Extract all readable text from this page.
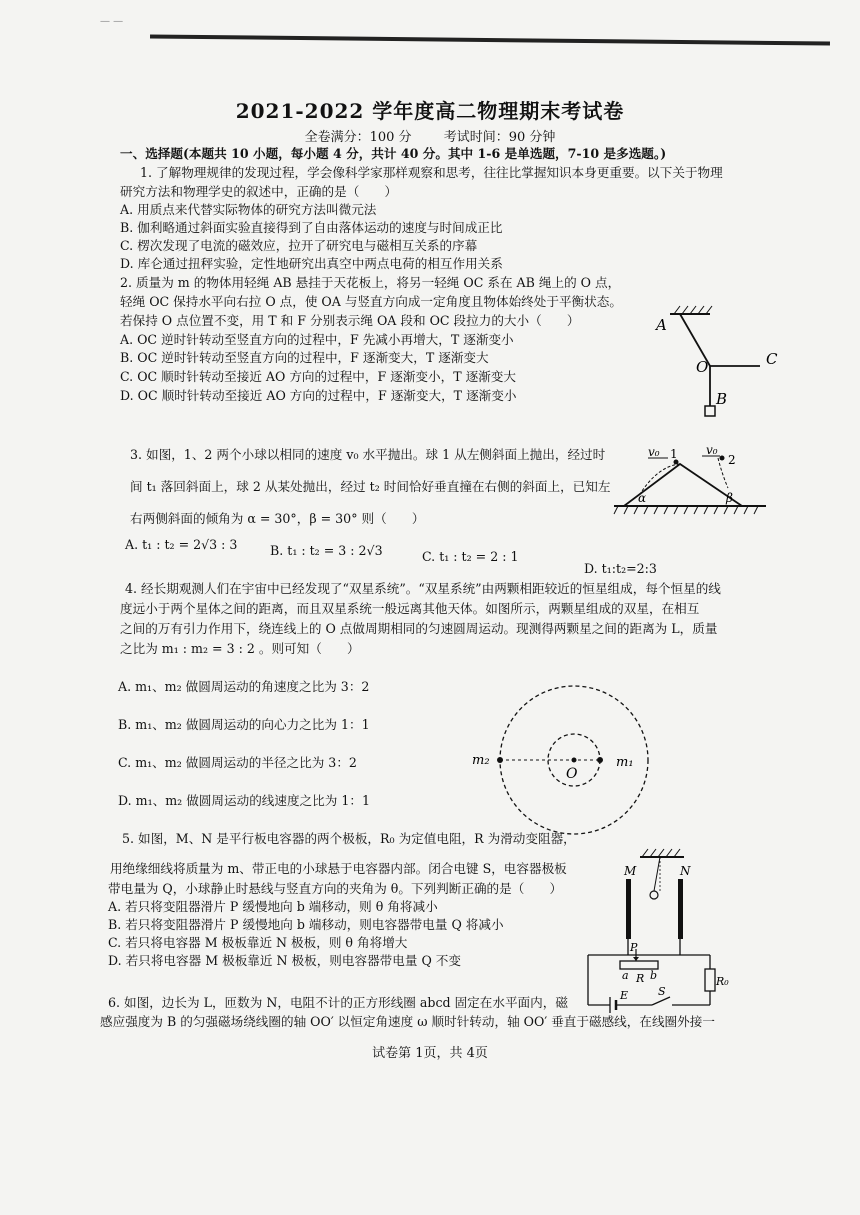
— —
2021-2022 学年度高二物理期末考试卷
全卷满分：100 分 考试时间：90 分钟
一、选择题(本题共 10 小题，每小题 4 分，共计 40 分。其中 1-6 是单选题，7-10 是多选题。)
1. 了解物理规律的发现过程，学会像科学家那样观察和思考，往往比掌握知识本身更重要。以下关于物理
研究方法和物理学史的叙述中，正确的是（　　）
A. 用质点来代替实际物体的研究方法叫微元法
B. 伽利略通过斜面实验直接得到了自由落体运动的速度与时间成正比
C. 楞次发现了电流的磁效应，拉开了研究电与磁相互关系的序幕
D. 库仑通过扭秤实验，定性地研究出真空中两点电荷的相互作用关系
2. 质量为 m 的物体用轻绳 AB 悬挂于天花板上，将另一轻绳 OC 系在 AB 绳上的 O 点，
轻绳 OC 保持水平向右拉 O 点，使 OA 与竖直方向成一定角度且物体始终处于平衡状态。
若保持 O 点位置不变，用 T 和 F 分别表示绳 OA 段和 OC 段拉力的大小（　　）
A. OC 逆时针转动至竖直方向的过程中，F 先减小再增大，T 逐渐变小
B. OC 逆时针转动至竖直方向的过程中，F 逐渐变大，T 逐渐变大
C. OC 顺时针转动至接近 AO 方向的过程中，F 逐渐变小，T 逐渐变大
D. OC 顺时针转动至接近 AO 方向的过程中，F 逐渐变大，T 逐渐变小
A
O	C
B
3. 如图，1、2 两个小球以相同的速度 v₀ 水平抛出。球 1 从左侧斜面上抛出，经过时
间 t₁ 落回斜面上，球 2 从某处抛出，经过 t₂ 时间恰好垂直撞在右侧的斜面上，已知左
右两侧斜面的倾角为 α = 30°，β = 30° 则（　　）
A. t₁ : t₂ = 2√3 : 3	B. t₁ : t₂ = 3 : 2√3	C. t₁ : t₂ = 2 : 1
D. t₁:t₂=2:3
v₀ 1 v₀
2
α	β
4. 经长期观测人们在宇宙中已经发现了“双星系统”。“双星系统”由两颗相距较近的恒星组成，每个恒星的线
度远小于两个星体之间的距离，而且双星系统一般远离其他天体。如图所示，两颗星组成的双星，在相互
之间的万有引力作用下，绕连线上的 O 点做周期相同的匀速圆周运动。现测得两颗星之间的距离为 L，质量
之比为 m₁ : m₂ = 3 : 2 。则可知（　　）
A. m₁、m₂ 做圆周运动的角速度之比为 3：2
B. m₁、m₂ 做圆周运动的向心力之比为 1：1
C. m₁、m₂ 做圆周运动的半径之比为 3：2
D. m₁、m₂ 做圆周运动的线速度之比为 1：1
m₂
O
m₁
5. 如图，M、N 是平行板电容器的两个极板，R₀ 为定值电阻，R 为滑动变阻器，
用绝缘细线将质量为 m、带正电的小球悬于电容器内部。闭合电键 S，电容器极板
带电量为 Q，小球静止时悬线与竖直方向的夹角为 θ。下列判断正确的是（　　）
A. 若只将变阻器滑片 P 缓慢地向 b 端移动，则 θ 角将减小
B. 若只将变阻器滑片 P 缓慢地向 b 端移动，则电容器带电量 Q 将减小
C. 若只将电容器 M 极板靠近 N 极板，则 θ 角将增大
D. 若只将电容器 M 极板靠近 N 极板，则电容器带电量 Q 不变
M	N
P
a R b	R₀
E	S
6. 如图，边长为 L，匝数为 N，电阻不计的正方形线圈 abcd 固定在水平面内，磁
感应强度为 B 的匀强磁场绕线圈的轴 OO′ 以恒定角速度 ω 顺时针转动，轴 OO′ 垂直于磁感线，在线圈外接一
试卷第 1页，共 4页
